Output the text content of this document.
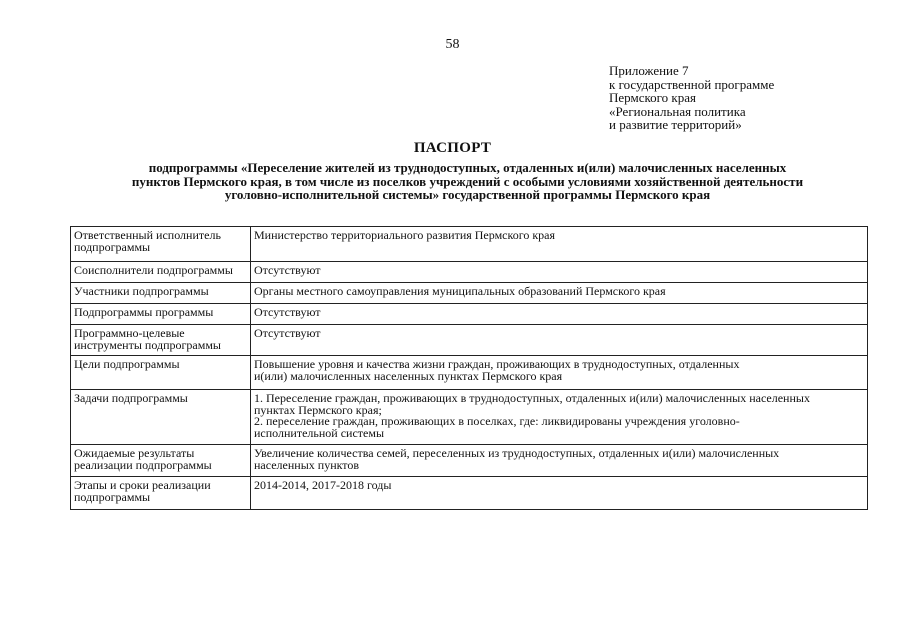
58
Приложение 7
к государственной программе
Пермского края
«Региональная политика
и развитие территорий»
ПАСПОРТ
подпрограммы «Переселение жителей из труднодоступных, отдаленных и(или) малочисленных населенных
пунктов Пермского края, в том числе из поселков учреждений с особыми условиями хозяйственной деятельности
уголовно-исполнительной системы» государственной программы Пермского края
Ответственный исполнитель
подпрограммы	Министерство территориального развития Пермского края

Соисполнители подпрограммы	Отсутствуют

Участники подпрограммы	Органы местного самоуправления муниципальных образований Пермского края

Подпрограммы программы	Отсутствуют

Программно-целевые
инструменты подпрограммы	Отсутствуют

Цели подпрограммы	Повышение уровня и качества жизни граждан, проживающих в труднодоступных, отдаленных
и(или) малочисленных населенных пунктах Пермского края

Задачи подпрограммы	1. Переселение граждан, проживающих в труднодоступных, отдаленных и(или) малочисленных населенных
пунктах Пермского края;
2. переселение граждан, проживающих в поселках, где: ликвидированы учреждения уголовно-
исполнительной системы

Ожидаемые результаты
реализации подпрограммы	Увеличение количества семей, переселенных из труднодоступных, отдаленных и(или) малочисленных
населенных пунктов

Этапы и сроки реализации
подпрограммы	2014-2014, 2017-2018 годы
